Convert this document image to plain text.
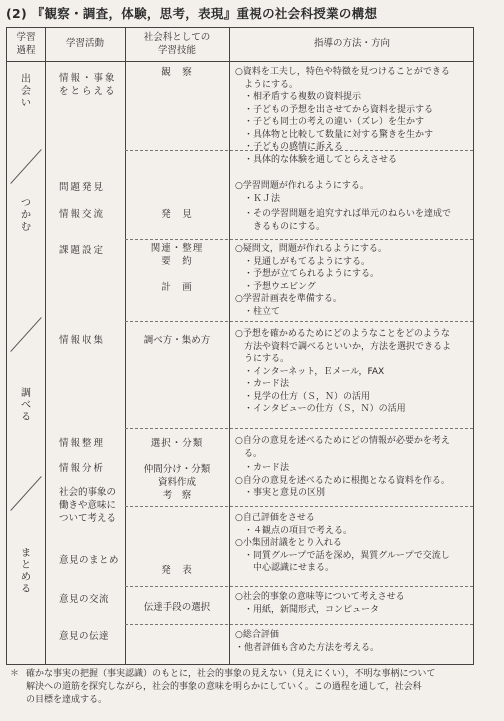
(2) 『観察・調査，体験，思考，表現』重視の社会科授業の構想
学習
過程
学習活動
社会科としての
学習技能
指導の方法・方向
出
会
い
つ
か
む
調
べ
る
ま
と
め
る
情報・事象
をとらえる
問題発見
情報交流
課題設定
情報収集
情報整理
情報分析
社会的事象の
働きや意味に
ついて考える
意見のまとめ
意見の交流
意見の伝達
観　察
発　見
関連・整理
要　約

計　画
調べ方・集め方
選択・分類
仲間分け・分類
資料作成
考　察
発　表
伝達手段の選択
○資料を工夫し，特色や特徴を見つけることができる
　ようにする。
　・相矛盾する複数の資料提示
　・子どもの予想を出させてから資料を提示する
　・子ども同士の考えの違い（ズレ）を生かす
　・具体物と比較して数量に対する驚きを生かす
　・子どもの感情に訴える
　・具体的な体験を通してとらえさせる
○学習問題が作れるようにする。
　・ＫＪ法
　・その学習問題を追究すれば単元のねらいを達成で
　　きるものにする。
○疑問文，問題が作れるようにする。
　・見通しがもてるようにする。
　・予想が立てられるようにする。
　・予想ウエビング
○学習計画表を準備する。
　・柱立て
○予想を確かめるためにどのようなことをどのような
　方法や資料で調べるといいか，方法を選択できるよ
　うにする。
　・インターネット，Ｅメール，FAX
　・カード法
　・見学の仕方（Ｓ，Ｎ）の活用
　・インタビューの仕方（Ｓ，Ｎ）の活用
○自分の意見を述べるためにどの情報が必要かを考え
　る。
　・カード法
○自分の意見を述べるために根拠となる資料を作る。
　・事実と意見の区別
○自己評価をさせる
　・４観点の項目で考える。
○小集団討議をとり入れる
　・同質グループで話を深め，異質グループで交流し
　　中心認識にせまる。
○社会的事象の意味等について考えさせる
　・用紙，新聞形式，コンピュータ
○総合評価
・他者評価も含めた方法を考える。
＊ 確かな事実の把握（事実認識）のもとに，社会的事象の見えない（見えにくい），不明な事柄について
解決への道筋を探究しながら，社会的事象の意味を明らかにしていく。この過程を通して，社会科
の目標を達成する。
